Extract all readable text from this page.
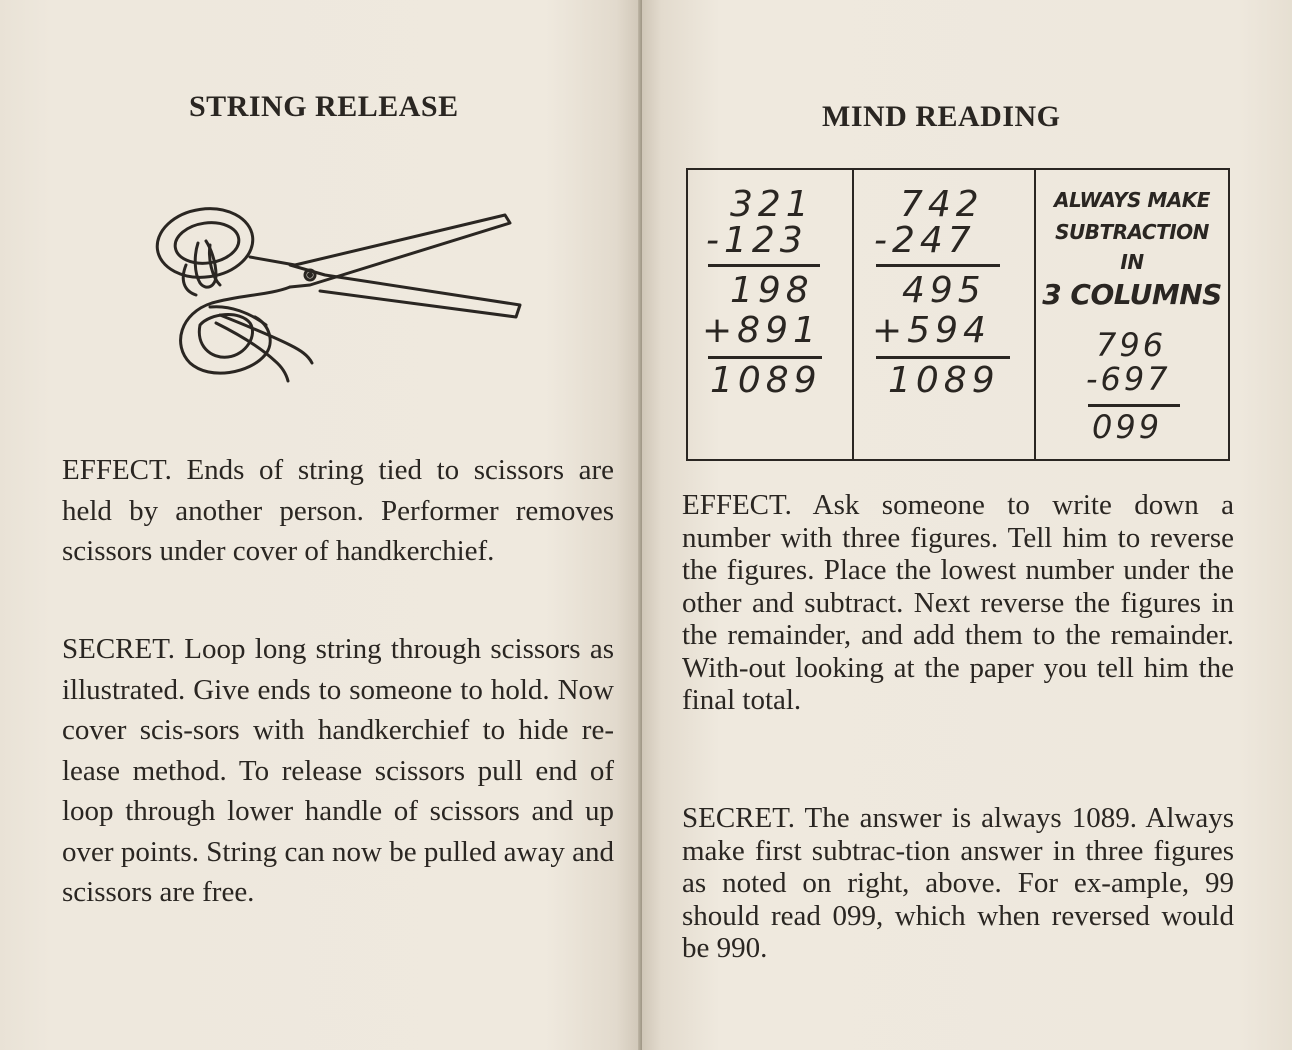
STRING RELEASE
EFFECT. Ends of string tied to scissors are held by another person. Performer removes scissors under cover of handkerchief.
SECRET. Loop long string through scissors as illustrated. Give ends to someone to hold. Now cover scis-sors with handkerchief to hide re-lease method. To release scissors pull end of loop through lower handle of scissors and up over points. String can now be pulled away and scissors are free.
MIND READING
321
-123
198
+891
1089
742
-247
495
+594
1089
ALWAYS MAKE
SUBTRACTION
IN
3 COLUMNS
796
-697
099
EFFECT. Ask someone to write down a number with three figures. Tell him to reverse the figures. Place the lowest number under the other and subtract. Next reverse the figures in the remainder, and add them to the remainder. With-out looking at the paper you tell him the final total.
SECRET. The answer is always 1089. Always make first subtrac-tion answer in three figures as noted on right, above. For ex-ample, 99 should read 099, which when reversed would be 990.
